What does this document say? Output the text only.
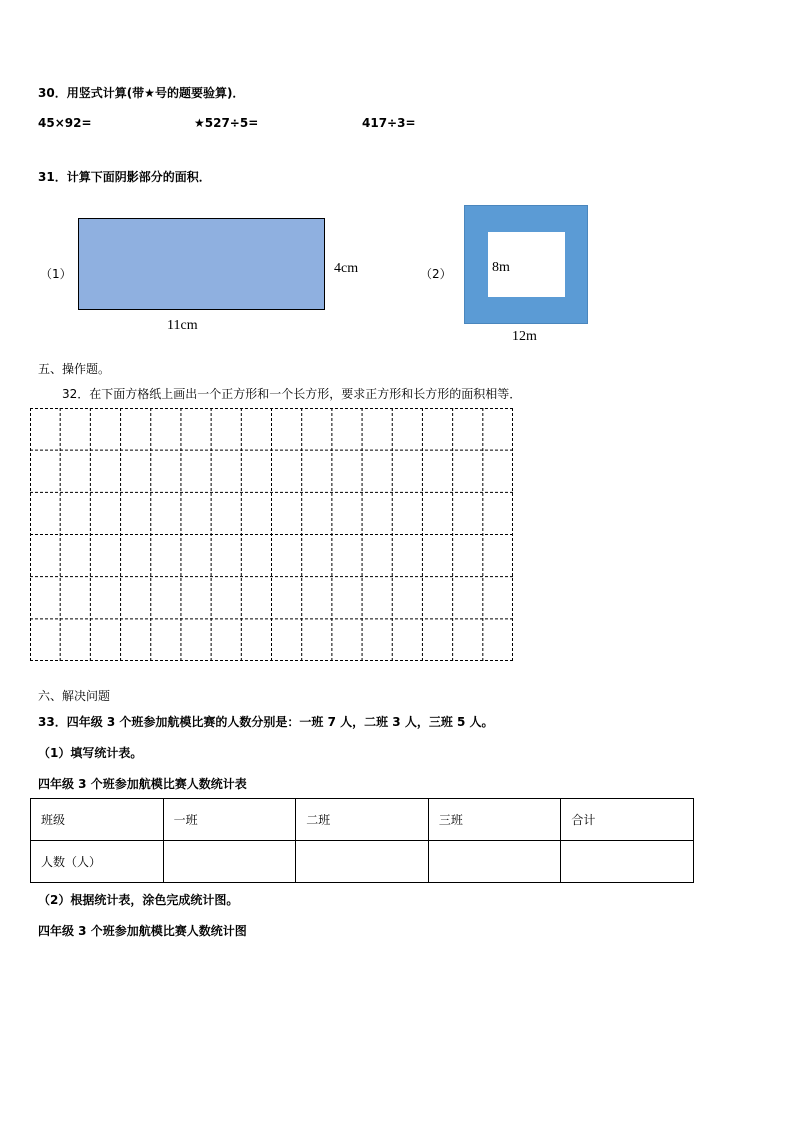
30．用竖式计算(带★号的题要验算)．
45×92=	★527÷5=	417÷3=
31．计算下面阴影部分的面积．
（1）	4cm
11cm
（2）	8m
12m
五、操作题。
32．在下面方格纸上画出一个正方形和一个长方形，要求正方形和长方形的面积相等．
六、解决问题
33．四年级 3 个班参加航模比赛的人数分别是：一班 7 人，二班 3 人，三班 5 人。
（1）填写统计表。
四年级 3 个班参加航模比赛人数统计表
班级	一班	二班	三班	合计
人数（人）				
（2）根据统计表，涂色完成统计图。
四年级 3 个班参加航模比赛人数统计图
